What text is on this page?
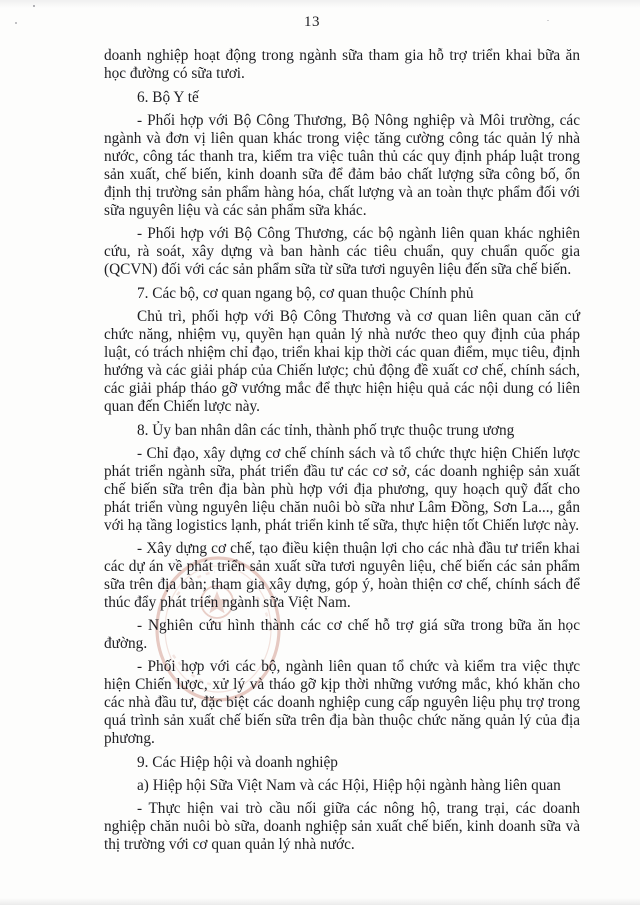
13

doanh nghiệp hoạt động trong ngành sữa tham gia hỗ trợ triển khai bữa ăn học đường có sữa tươi.

6. Bộ Y tế

- Phối hợp với Bộ Công Thương, Bộ Nông nghiệp và Môi trường, các ngành và đơn vị liên quan khác trong việc tăng cường công tác quản lý nhà nước, công tác thanh tra, kiểm tra việc tuân thủ các quy định pháp luật trong sản xuất, chế biến, kinh doanh sữa để đảm bảo chất lượng sữa công bố, ổn định thị trường sản phẩm hàng hóa, chất lượng và an toàn thực phẩm đối với sữa nguyên liệu và các sản phẩm sữa khác.

- Phối hợp với Bộ Công Thương, các bộ ngành liên quan khác nghiên cứu, rà soát, xây dựng và ban hành các tiêu chuẩn, quy chuẩn quốc gia (QCVN) đối với các sản phẩm sữa từ sữa tươi nguyên liệu đến sữa chế biến.

7. Các bộ, cơ quan ngang bộ, cơ quan thuộc Chính phủ

Chủ trì, phối hợp với Bộ Công Thương và cơ quan liên quan căn cứ chức năng, nhiệm vụ, quyền hạn quản lý nhà nước theo quy định của pháp luật, có trách nhiệm chỉ đạo, triển khai kịp thời các quan điểm, mục tiêu, định hướng và các giải pháp của Chiến lược; chủ động đề xuất cơ chế, chính sách, các giải pháp tháo gỡ vướng mắc để thực hiện hiệu quả các nội dung có liên quan đến Chiến lược này.

8. Ủy ban nhân dân các tỉnh, thành phố trực thuộc trung ương

- Chỉ đạo, xây dựng cơ chế chính sách và tổ chức thực hiện Chiến lược phát triển ngành sữa, phát triển đầu tư các cơ sở, các doanh nghiệp sản xuất chế biến sữa trên địa bàn phù hợp với địa phương, quy hoạch quỹ đất cho phát triển vùng nguyên liệu chăn nuôi bò sữa như Lâm Đồng, Sơn La..., gắn với hạ tầng logistics lạnh, phát triển kinh tế sữa, thực hiện tốt Chiến lược này.

- Xây dựng cơ chế, tạo điều kiện thuận lợi cho các nhà đầu tư triển khai các dự án về phát triển sản xuất sữa tươi nguyên liệu, chế biến các sản phẩm sữa trên địa bàn; tham gia xây dựng, góp ý, hoàn thiện cơ chế, chính sách để thúc đẩy phát triển ngành sữa Việt Nam.

- Nghiên cứu hình thành các cơ chế hỗ trợ giá sữa trong bữa ăn học đường.

- Phối hợp với các bộ, ngành liên quan tổ chức và kiểm tra việc thực hiện Chiến lược, xử lý và tháo gỡ kịp thời những vướng mắc, khó khăn cho các nhà đầu tư, đặc biệt các doanh nghiệp cung cấp nguyên liệu phụ trợ trong quá trình sản xuất chế biến sữa trên địa bàn thuộc chức năng quản lý của địa phương.

9. Các Hiệp hội và doanh nghiệp

a) Hiệp hội Sữa Việt Nam và các Hội, Hiệp hội ngành hàng liên quan

- Thực hiện vai trò cầu nối giữa các nông hộ, trang trại, các doanh nghiệp chăn nuôi bò sữa, doanh nghiệp sản xuất chế biến, kinh doanh sữa và thị trường với cơ quan quản lý nhà nước.
